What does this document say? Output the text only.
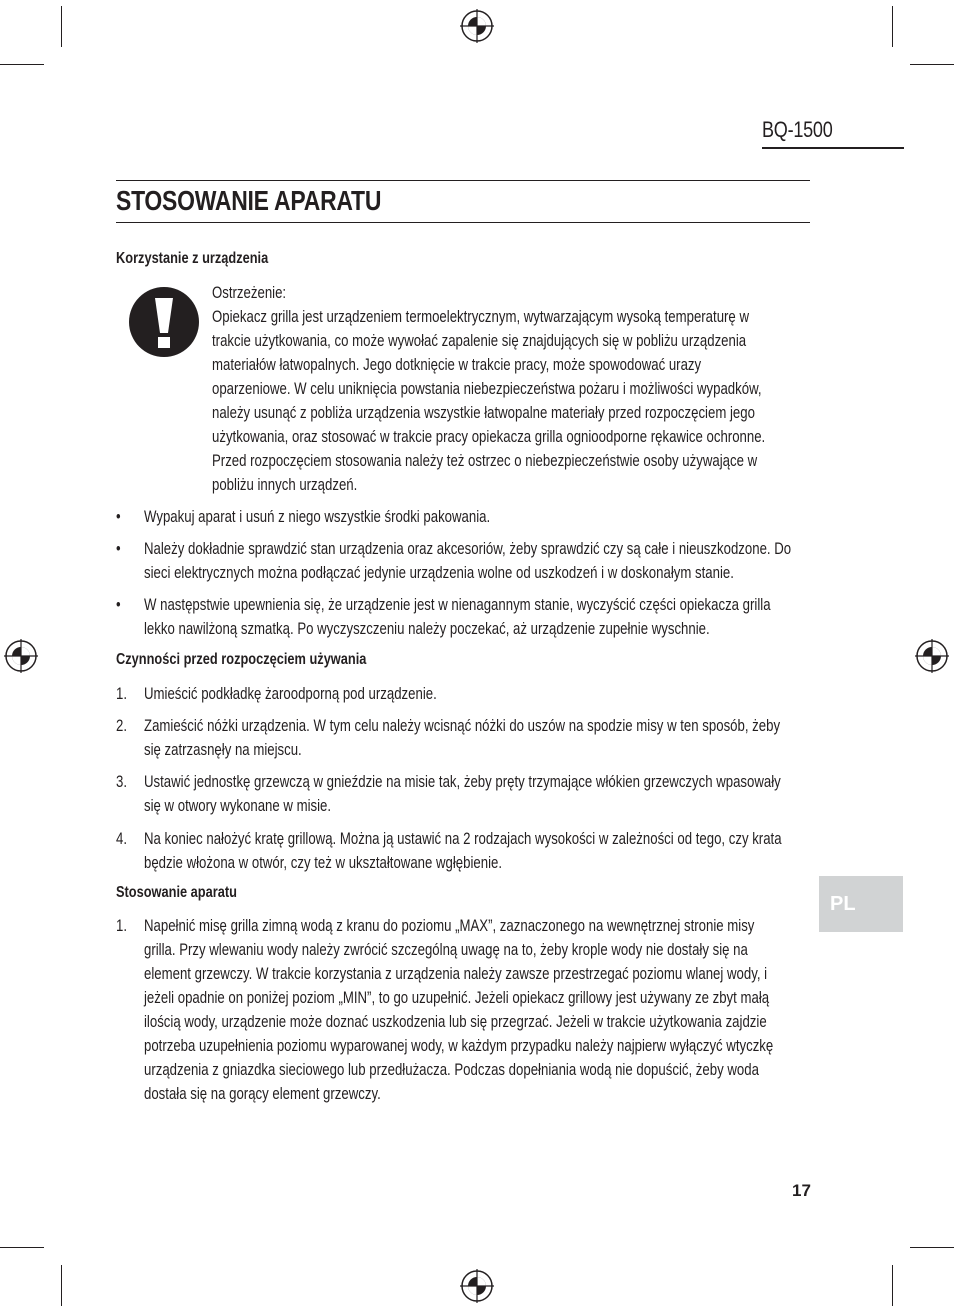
BQ-1500
STOSOWANIE APARATU
Korzystanie z urządzenia
Ostrzeżenie:
Opiekacz grilla jest urządzeniem termoelektrycznym, wytwarzającym wysoką temperaturę w
trakcie użytkowania, co może wywołać zapalenie się znajdujących się w pobliżu urządzenia
materiałów łatwopalnych. Jego dotknięcie w trakcie pracy, może spowodować urazy
oparzeniowe. W celu uniknięcia powstania niebezpieczeństwa pożaru i możliwości wypadków,
należy usunąć z pobliża urządzenia wszystkie łatwopalne materiały przed rozpoczęciem jego
użytkowania, oraz stosować w trakcie pracy opiekacza grilla ognioodporne rękawice ochronne.
Przed rozpoczęciem stosowania należy też ostrzec o niebezpieczeństwie osoby używające w
pobliżu innych urządzeń.
• Wypakuj aparat i usuń z niego wszystkie środki pakowania.
• Należy dokładnie sprawdzić stan urządzenia oraz akcesoriów, żeby sprawdzić czy są całe i nieuszkodzone. Do
sieci elektrycznych można podłączać jedynie urządzenia wolne od uszkodzeń i w doskonałym stanie.
• W następstwie upewnienia się, że urządzenie jest w nienagannym stanie, wyczyścić części opiekacza grilla
lekko nawilżoną szmatką. Po wyczyszczeniu należy poczekać, aż urządzenie zupełnie wyschnie.
Czynności przed rozpoczęciem używania
1. Umieścić podkładkę żaroodporną pod urządzenie.
2. Zamieścić nóżki urządzenia. W tym celu należy wcisnąć nóżki do uszów na spodzie misy w ten sposób, żeby
się zatrzasnęły na miejscu.
3. Ustawić jednostkę grzewczą w gnieździe na misie tak, żeby pręty trzymające włókien grzewczych wpasowały
się w otwory wykonane w misie.
4. Na koniec nałożyć kratę grillową. Można ją ustawić na 2 rodzajach wysokości w zależności od tego, czy krata
będzie włożona w otwór, czy też w ukształtowane wgłębienie.
Stosowanie aparatu
1. Napełnić misę grilla zimną wodą z kranu do poziomu „MAX”, zaznaczonego na wewnętrznej stronie misy
grilla. Przy wlewaniu wody należy zwrócić szczególną uwagę na to, żeby krople wody nie dostały się na
element grzewczy. W trakcie korzystania z urządzenia należy zawsze przestrzegać poziomu wlanej wody, i
jeżeli opadnie on poniżej poziom „MIN”, to go uzupełnić. Jeżeli opiekacz grillowy jest używany ze zbyt małą
ilością wody, urządzenie może doznać uszkodzenia lub się przegrzać. Jeżeli w trakcie użytkowania zajdzie
potrzeba uzupełnienia poziomu wyparowanej wody, w każdym przypadku należy najpierw wyłączyć wtyczkę
urządzenia z gniazdka sieciowego lub przedłużacza. Podczas dopełniania wodą nie dopuścić, żeby woda
dostała się na gorący element grzewczy.
PL
17
